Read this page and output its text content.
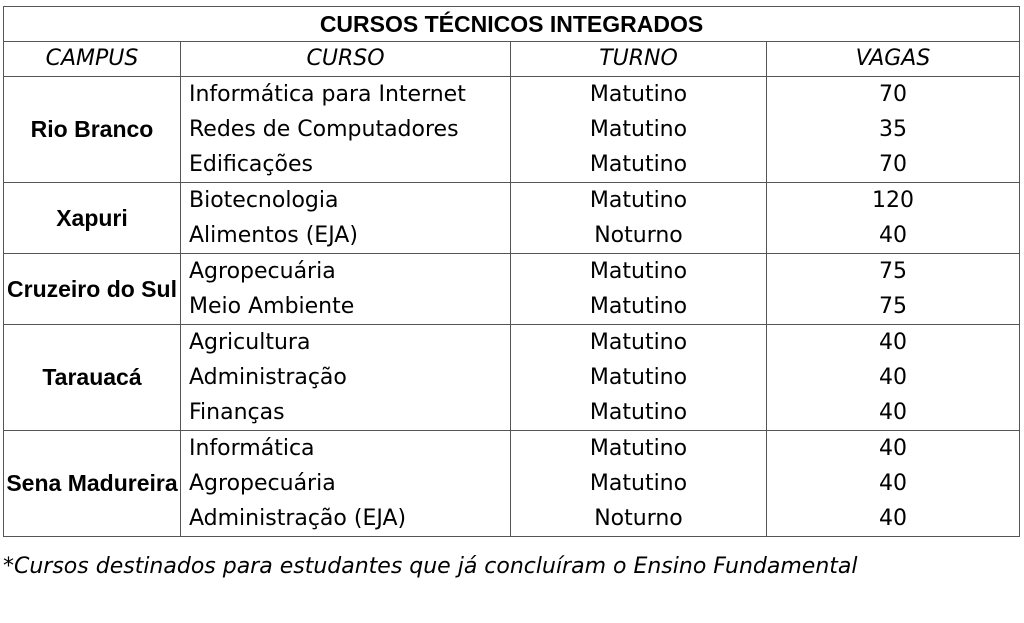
CURSOS TÉCNICOS INTEGRADOS			
CAMPUS	CURSO	TURNO	VAGAS
Rio Branco	Informática para Internet	Matutino	70
	Redes de Computadores	Matutino	35
	Edificações	Matutino	70
Xapuri	Biotecnologia	Matutino	120
	Alimentos (EJA)	Noturno	40
Cruzeiro do Sul	Agropecuária	Matutino	75
	Meio Ambiente	Matutino	75
Tarauacá	Agricultura	Matutino	40
	Administração	Matutino	40
	Finanças	Matutino	40
Sena Madureira	Informática	Matutino	40
	Agropecuária	Matutino	40
	Administração (EJA)	Noturno	40
*Cursos destinados para estudantes que já concluíram o Ensino Fundamental
